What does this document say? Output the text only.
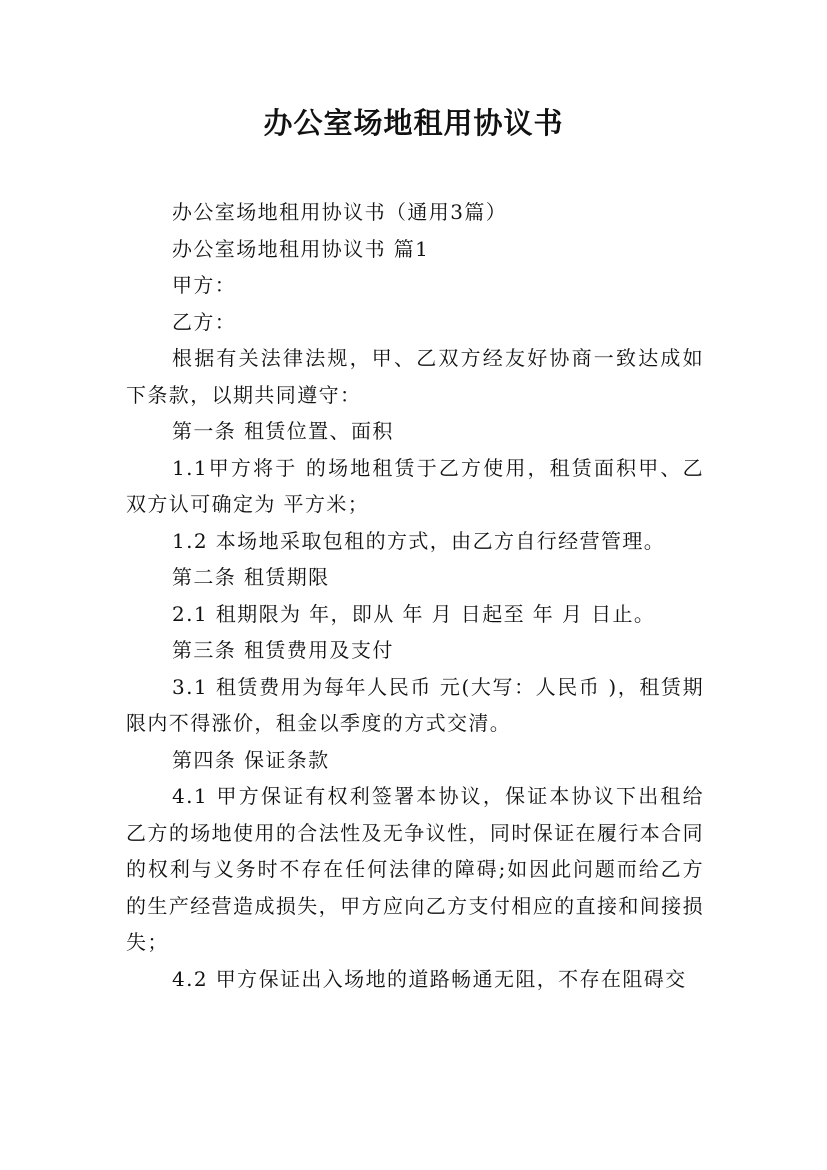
办公室场地租用协议书

办公室场地租用协议书（通用3篇）

办公室场地租用协议书 篇1

甲方：

乙方：

根据有关法律法规，甲、乙双方经友好协商一致达成如下条款，以期共同遵守：

第一条 租赁位置、面积

1.1甲方将于 的场地租赁于乙方使用，租赁面积甲、乙双方认可确定为 平方米；

1.2 本场地采取包租的方式，由乙方自行经营管理。

第二条 租赁期限

2.1 租期限为 年，即从 年 月 日起至 年 月 日止。

第三条 租赁费用及支付

3.1 租赁费用为每年人民币 元(大写：人民币 )，租赁期限内不得涨价，租金以季度的方式交清。

第四条 保证条款

4.1 甲方保证有权利签署本协议，保证本协议下出租给乙方的场地使用的合法性及无争议性，同时保证在履行本合同的权利与义务时不存在任何法律的障碍;如因此问题而给乙方的生产经营造成损失，甲方应向乙方支付相应的直接和间接损失；

4.2 甲方保证出入场地的道路畅通无阻，不存在阻碍交
